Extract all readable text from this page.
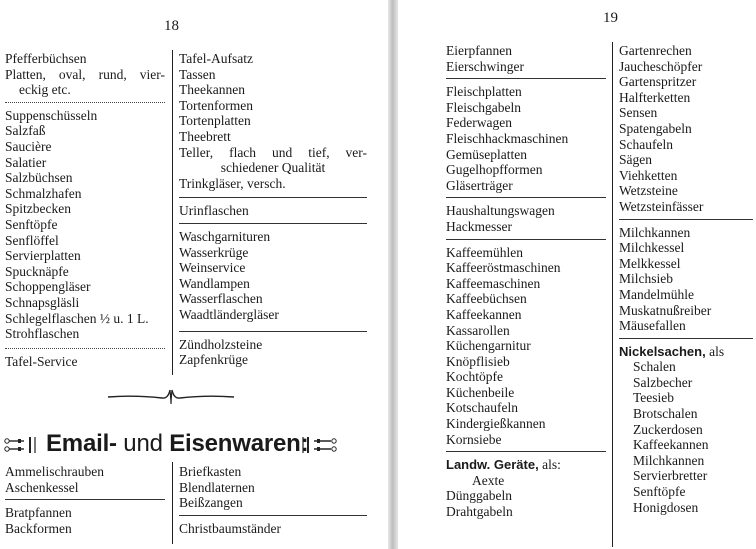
18
Pfefferbüchsen
Platten, oval, rund, vier-
eckig etc.
Suppenschüsseln
Salzfaß
Saucière
Salatier
Salzbüchsen
Schmalzhafen
Spitzbecken
Senftöpfe
Senflöffel
Servierplatten
Spucknäpfe
Schoppengläser
Schnapsgläsli
Schlegelflaschen ½ u. 1 L.
Strohflaschen
Tafel-Service
Tafel-Aufsatz
Tassen
Theekannen
Tortenformen
Tortenplatten
Theebrett
Teller, flach und tief, ver-
schiedener Qualität
Trinkgläser, versch.
Urinflaschen
Waschgarnituren
Wasserkrüge
Weinservice
Wandlampen
Wasserflaschen
Waadtländergläser
Zündholzsteine
Zapfenkrüge
Email- und Eisenwaren:
Ammelischrauben
Aschenkessel
Bratpfannen
Backformen
Briefkasten
Blendlaternen
Beißzangen
Christbaumständer
19
Eierpfannen
Eierschwinger
Fleischplatten
Fleischgabeln
Federwagen
Fleischhackmaschinen
Gemüseplatten
Gugelhopfformen
Gläserträger
Haushaltungswagen
Hackmesser
Kaffeemühlen
Kaffeeröstmaschinen
Kaffeemaschinen
Kaffeebüchsen
Kaffeekannen
Kassarollen
Küchengarnitur
Knöpflisieb
Kochtöpfe
Küchenbeile
Kotschaufeln
Kindergießkannen
Kornsiebe
Landw. Geräte, als:
Aexte
Dünggabeln
Drahtgabeln
Gartenrechen
Jaucheschöpfer
Gartenspritzer
Halfterketten
Sensen
Spatengabeln
Schaufeln
Sägen
Viehketten
Wetzsteine
Wetzsteinfässer
Milchkannen
Milchkessel
Melkkessel
Milchsieb
Mandelmühle
Muskatnußreiber
Mäusefallen
Nickelsachen, als
Schalen
Salzbecher
Teesieb
Brotschalen
Zuckerdosen
Kaffeekannen
Milchkannen
Servierbretter
Senftöpfe
Honigdosen
